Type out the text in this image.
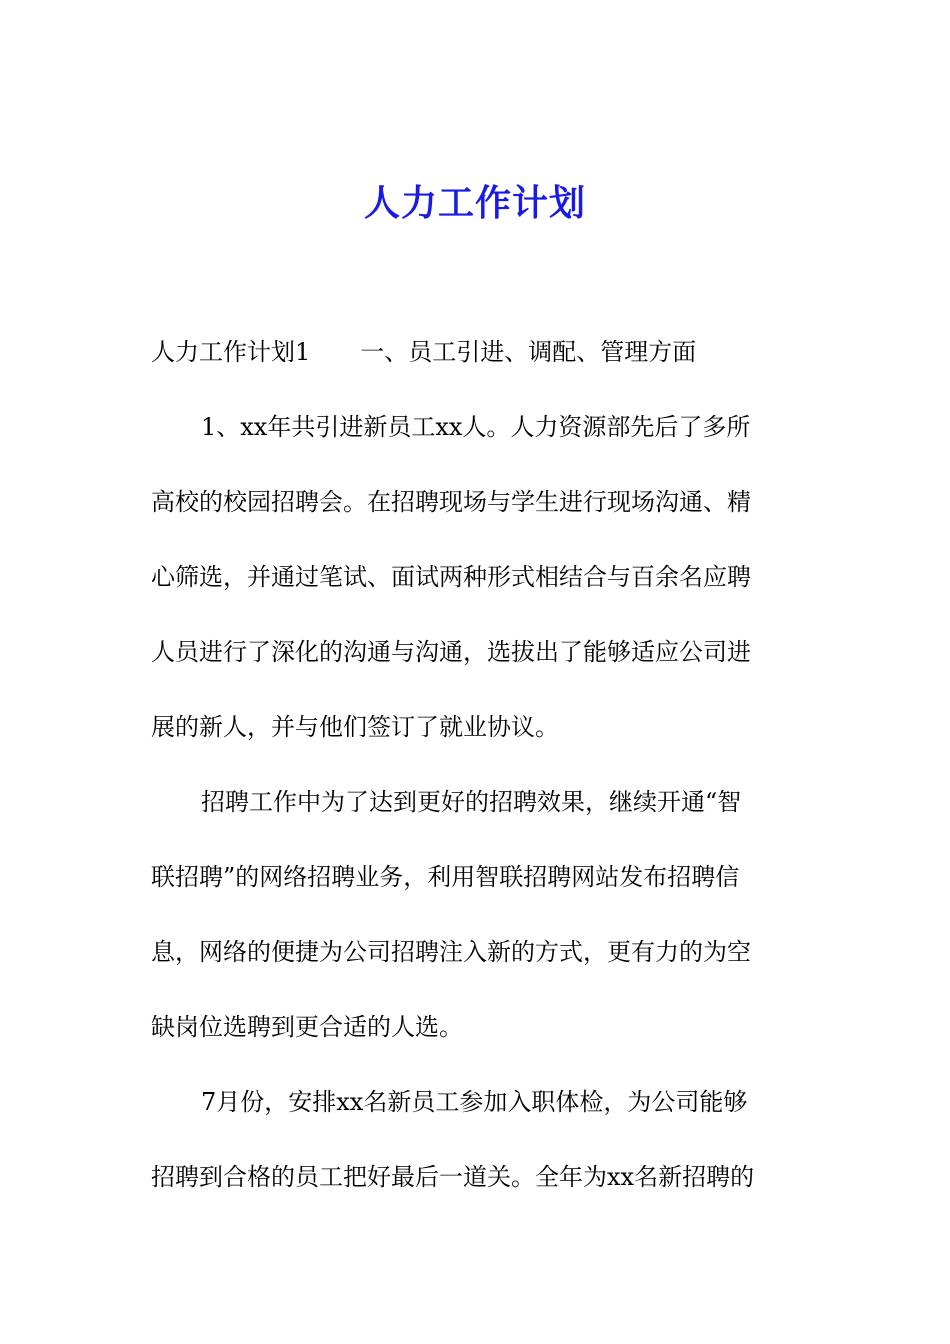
人力工作计划
人力工作计划1 一、员工引进、调配、管理方面
1、xx年共引进新员工xx人。人力资源部先后了多所
高校的校园招聘会。在招聘现场与学生进行现场沟通、精
心筛选，并通过笔试、面试两种形式相结合与百余名应聘
人员进行了深化的沟通与沟通，选拔出了能够适应公司进
展的新人，并与他们签订了就业协议。
招聘工作中为了达到更好的招聘效果，继续开通“智
联招聘”的网络招聘业务，利用智联招聘网站发布招聘信
息，网络的便捷为公司招聘注入新的方式，更有力的为空
缺岗位选聘到更合适的人选。
7月份，安排xx名新员工参加入职体检，为公司能够
招聘到合格的员工把好最后一道关。全年为xx名新招聘的
